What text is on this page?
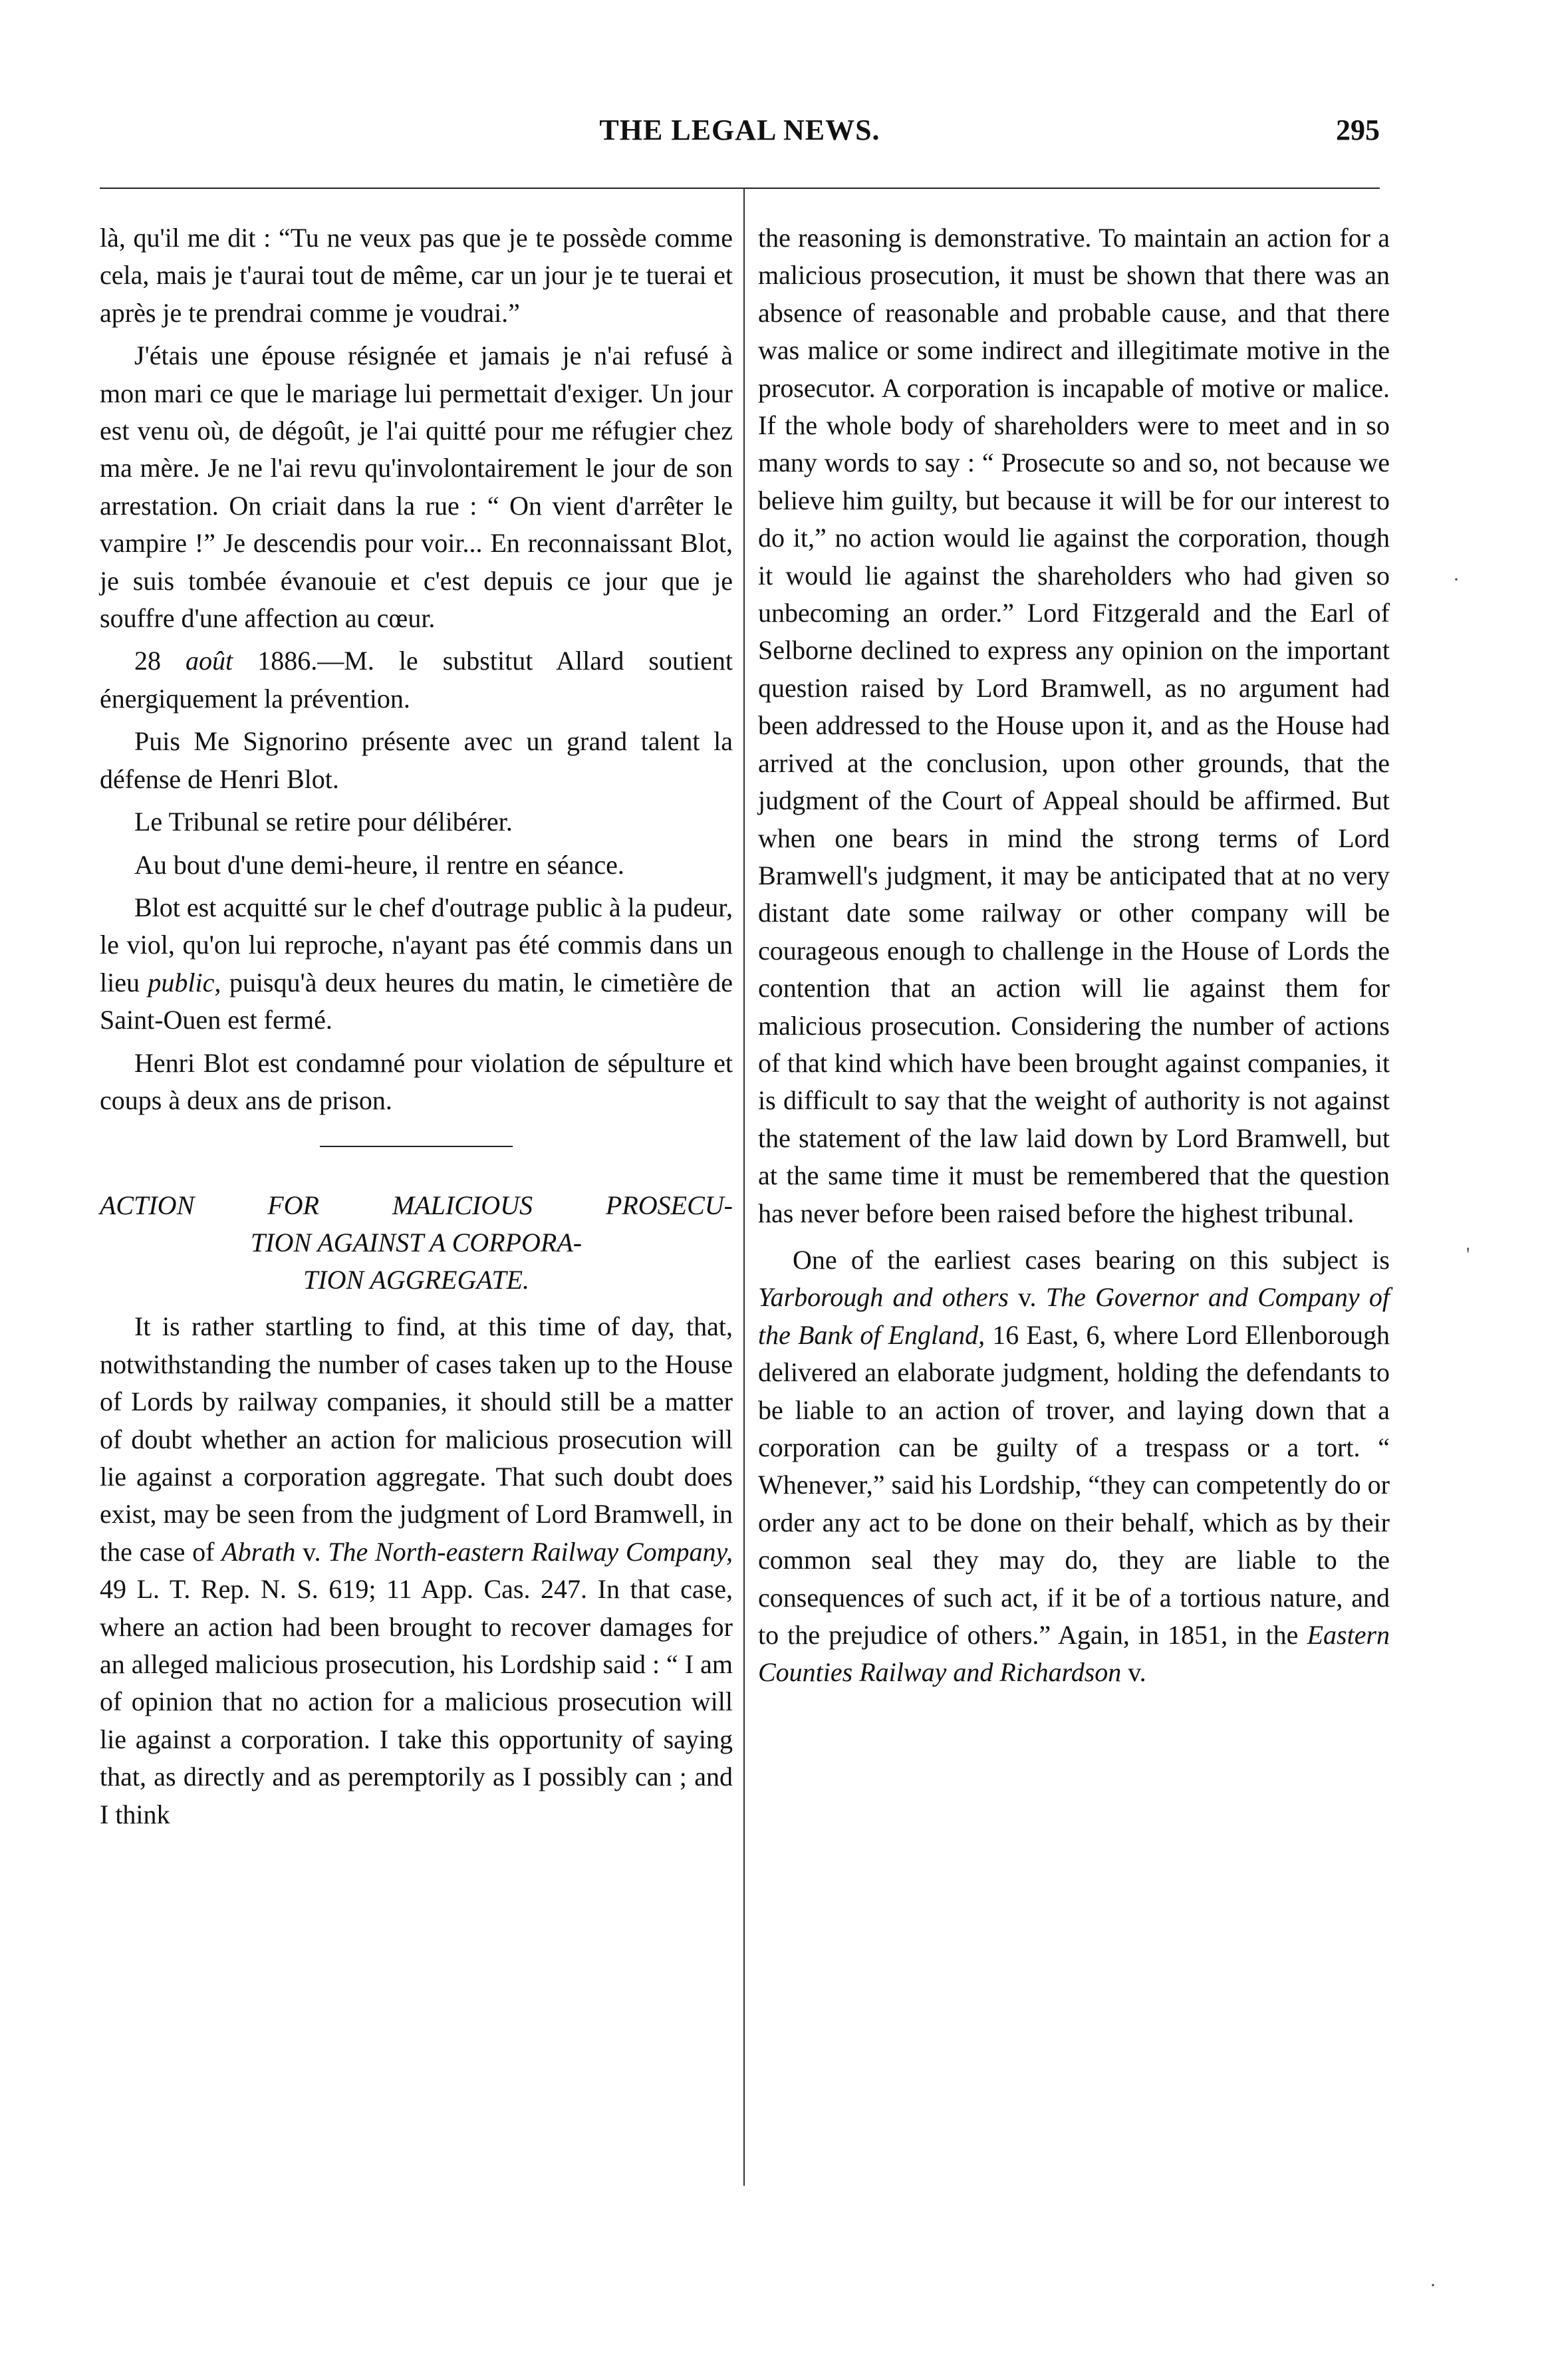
THE LEGAL NEWS.	295

là, qu'il me dit : “Tu ne veux pas que je te possède comme cela, mais je t'aurai tout de même, car un jour je te tuerai et après je te prendrai comme je voudrai.”

J'étais une épouse résignée et jamais je n'ai refusé à mon mari ce que le mariage lui permettait d'exiger. Un jour est venu où, de dégoût, je l'ai quitté pour me réfugier chez ma mère. Je ne l'ai revu qu'involontairement le jour de son arrestation. On criait dans la rue : “ On vient d'arrêter le vampire !” Je descendis pour voir... En reconnaissant Blot, je suis tombée évanouie et c'est depuis ce jour que je souffre d'une affection au cœur.

28 août 1886.—M. le substitut Allard soutient énergiquement la prévention.

Puis Me Signorino présente avec un grand talent la défense de Henri Blot.

Le Tribunal se retire pour délibérer.

Au bout d'une demi-heure, il rentre en séance.

Blot est acquitté sur le chef d'outrage public à la pudeur, le viol, qu'on lui reproche, n'ayant pas été commis dans un lieu public, puisqu'à deux heures du matin, le cimetière de Saint-Ouen est fermé.

Henri Blot est condamné pour violation de sépulture et coups à deux ans de prison.

ACTION FOR MALICIOUS PROSECU-
TION AGAINST A CORPORA-
TION AGGREGATE.

It is rather startling to find, at this time of day, that, notwithstanding the number of cases taken up to the House of Lords by railway companies, it should still be a matter of doubt whether an action for malicious prosecution will lie against a corporation aggregate. That such doubt does exist, may be seen from the judgment of Lord Bramwell, in the case of Abrath v. The North-eastern Railway Company, 49 L. T. Rep. N. S. 619; 11 App. Cas. 247. In that case, where an action had been brought to recover damages for an alleged malicious prosecution, his Lordship said : “ I am of opinion that no action for a malicious prosecution will lie against a corporation. I take this opportunity of saying that, as directly and as peremptorily as I possibly can ; and I think

the reasoning is demonstrative. To maintain an action for a malicious prosecution, it must be shown that there was an absence of reasonable and probable cause, and that there was malice or some indirect and illegitimate motive in the prosecutor. A corporation is incapable of motive or malice. If the whole body of shareholders were to meet and in so many words to say : “ Prosecute so and so, not because we believe him guilty, but because it will be for our interest to do it,” no action would lie against the corporation, though it would lie against the shareholders who had given so unbecoming an order.” Lord Fitzgerald and the Earl of Selborne declined to express any opinion on the important question raised by Lord Bramwell, as no argument had been addressed to the House upon it, and as the House had arrived at the conclusion, upon other grounds, that the judgment of the Court of Appeal should be affirmed. But when one bears in mind the strong terms of Lord Bramwell's judgment, it may be anticipated that at no very distant date some railway or other company will be courageous enough to challenge in the House of Lords the contention that an action will lie against them for malicious prosecution. Considering the number of actions of that kind which have been brought against companies, it is difficult to say that the weight of authority is not against the statement of the law laid down by Lord Bramwell, but at the same time it must be remembered that the question has never before been raised before the highest tribunal.

One of the earliest cases bearing on this subject is Yarborough and others v. The Governor and Company of the Bank of England, 16 East, 6, where Lord Ellenborough delivered an elaborate judgment, holding the defendants to be liable to an action of trover, and laying down that a corporation can be guilty of a trespass or a tort. “ Whenever,” said his Lordship, “they can competently do or order any act to be done on their behalf, which as by their common seal they may do, they are liable to the consequences of such act, if it be of a tortious nature, and to the prejudice of others.” Again, in 1851, in the Eastern Counties Railway and Richardson v.

·
'
·
